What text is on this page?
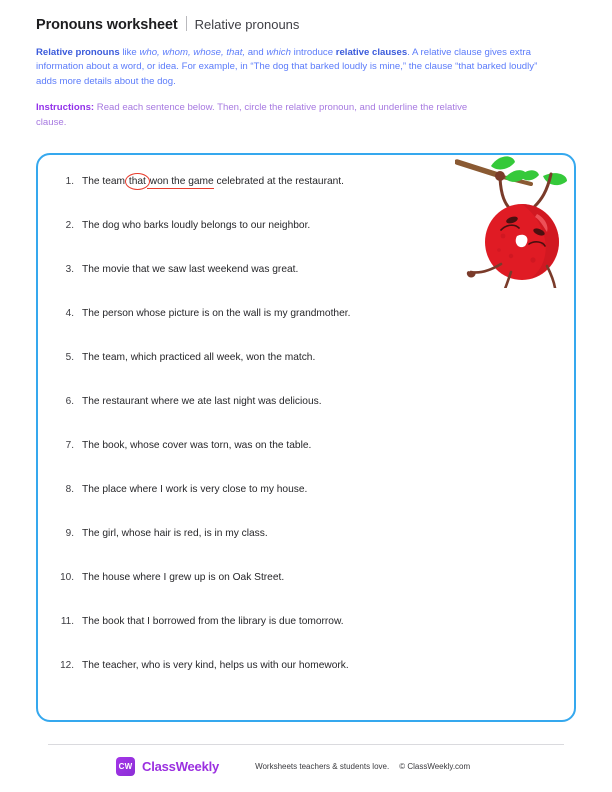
Pronouns worksheet Relative pronouns
Relative pronouns like who, whom, whose, that, and which introduce relative clauses. A relative clause gives extra information about a word, or idea. For example, in “The dog that barked loudly is mine,” the clause “that barked loudly” adds more details about the dog.
Instructions: Read each sentence below. Then, circle the relative pronoun, and underline the relative clause.
1. The team that won the game celebrated at the restaurant.
2. The dog who barks loudly belongs to our neighbor.
3. The movie that we saw last weekend was great.
4. The person whose picture is on the wall is my grandmother.
5. The team, which practiced all week, won the match.
6. The restaurant where we ate last night was delicious.
7. The book, whose cover was torn, was on the table.
8. The place where I work is very close to my house.
9. The girl, whose hair is red, is in my class.
10. The house where I grew up is on Oak Street.
11. The book that I borrowed from the library is due tomorrow.
12. The teacher, who is very kind, helps us with our homework.
CW ClassWeekly	Worksheets teachers & students love. © ClassWeekly.com
